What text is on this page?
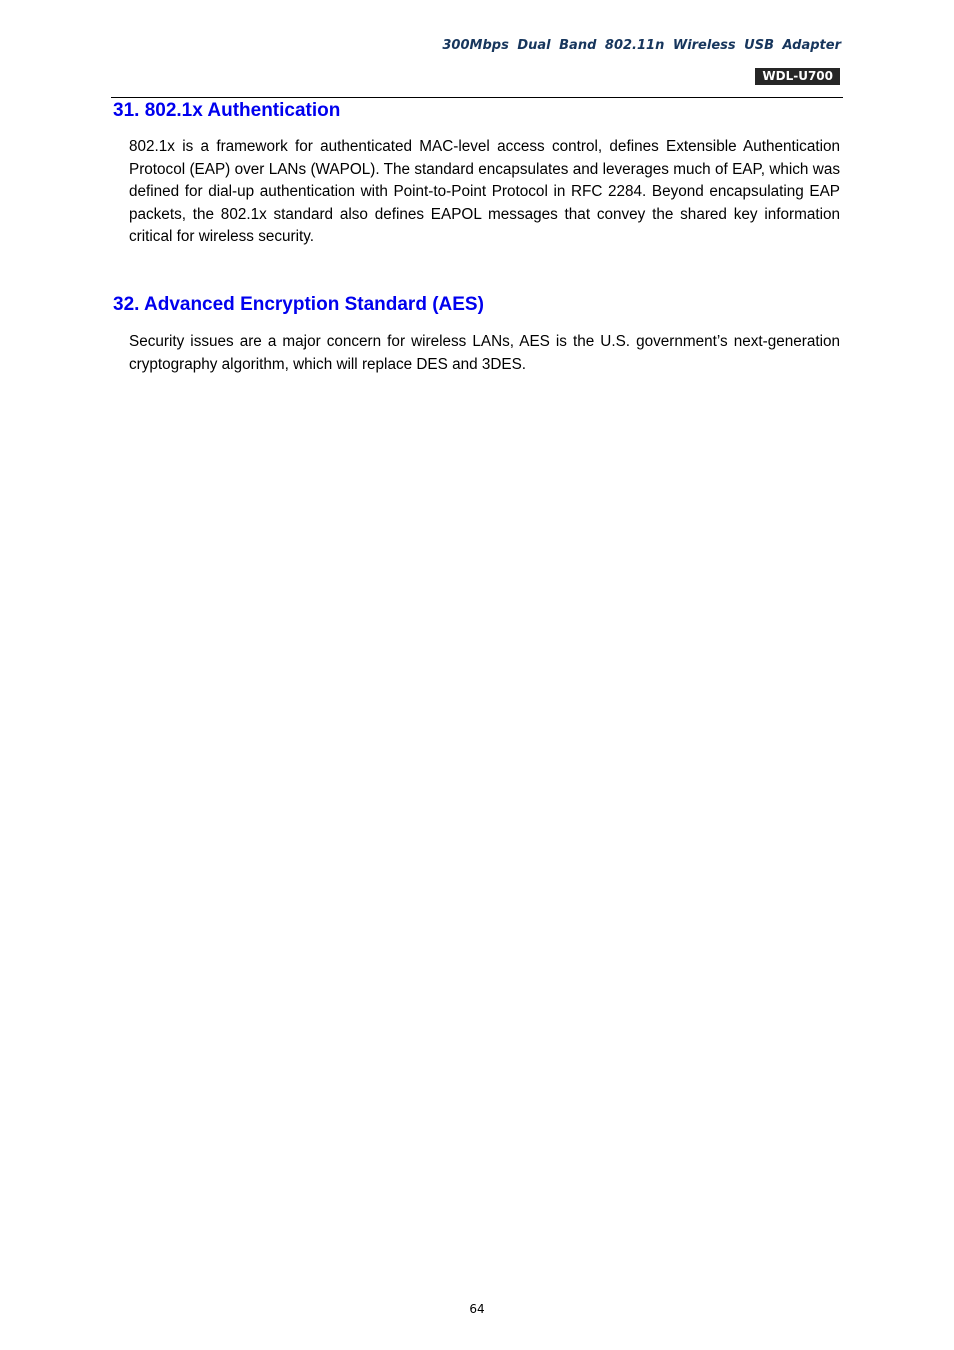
300Mbps Dual Band 802.11n Wireless USB Adapter
WDL-U700
31. 802.1x Authentication

802.1x is a framework for authenticated MAC-level access control, defines Extensible Authentication Protocol (EAP) over LANs (WAPOL). The standard encapsulates and leverages much of EAP, which was defined for dial-up authentication with Point-to-Point Protocol in RFC 2284. Beyond encapsulating EAP packets, the 802.1x standard also defines EAPOL messages that convey the shared key information critical for wireless security.

32. Advanced Encryption Standard (AES)

Security issues are a major concern for wireless LANs, AES is the U.S. government’s next-generation cryptography algorithm, which will replace DES and 3DES.

64
